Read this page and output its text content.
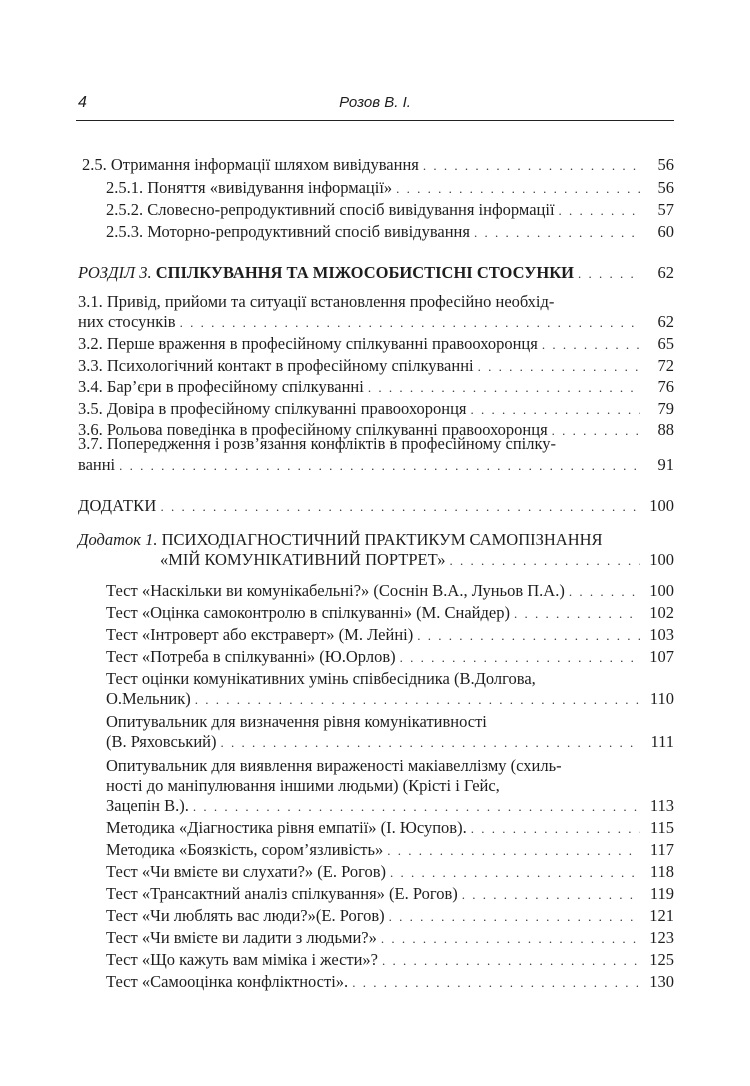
4	Розов В. І.
2.5. Отримання інформації шляхом вивідування . . .	56
2.5.1. Поняття «вивідування інформації» . . .	56
2.5.2. Словесно-репродуктивний спосіб вивідування інформації . . .	57
2.5.3. Моторно-репродуктивний спосіб вивідування . . .	60
РОЗДІЛ 3. СПІЛКУВАННЯ ТА МІЖОСОБИСТІСНІ СТОСУНКИ . . .	62
3.1. Привід, прийоми та ситуації встановлення професійно необхід-
них стосунків . . .	62
3.2. Перше враження в професійному спілкуванні правоохоронця . . .	65
3.3. Психологічний контакт в професійному спілкуванні . . .	72
3.4. Бар’єри в професійному спілкуванні . . .	76
3.5. Довіра в професійному спілкуванні правоохоронця . . .	79
3.6. Рольова поведінка в професійному спілкуванні правоохоронця . . .	88
3.7. Попередження і розв’язання конфліктів в професійному спілку-
ванні . . .	91
ДОДАТКИ . . .	100
Додаток 1. ПСИХОДІАГНОСТИЧНИЙ ПРАКТИКУМ САМОПІЗНАННЯ
«МІЙ КОМУНІКАТИВНИЙ ПОРТРЕТ» . . .	100
Тест «Наскільки ви комунікабельні?» (Соснін В.А., Луньов П.А.) . . .	100
Тест «Оцінка самоконтролю в спілкуванні» (М. Снайдер) . . .	102
Тест «Інтроверт або екстраверт» (М. Лейні) . . .	103
Тест «Потреба в спілкуванні» (Ю.Орлов) . . .	107
Тест оцінки комунікативних умінь співбесідника (В.Долгова,
О.Мельник) . . .	110
Опитувальник для визначення рівня комунікативності
(В. Ряховський) . . .	111
Опитувальник для виявлення вираженості макіавеллізму (схиль-
ності до маніпулювання іншими людьми) (Крісті і Гейс,
Зацепін В.). . . .	113
Методика «Діагностика рівня емпатії» (І. Юсупов). . . .	115
Методика «Боязкість, сором’язливість» . . .	117
Тест «Чи вмієте ви слухати?» (Е. Рогов) . . .	118
Тест «Трансактний аналіз спілкування» (Е. Рогов) . . .	119
Тест «Чи люблять вас люди?»(Е. Рогов) . . .	121
Тест «Чи вмієте ви ладити з людьми?» . . .	123
Тест «Що кажуть вам міміка і жести»? . . .	125
Тест «Самооцінка конфліктності». . . .	130
